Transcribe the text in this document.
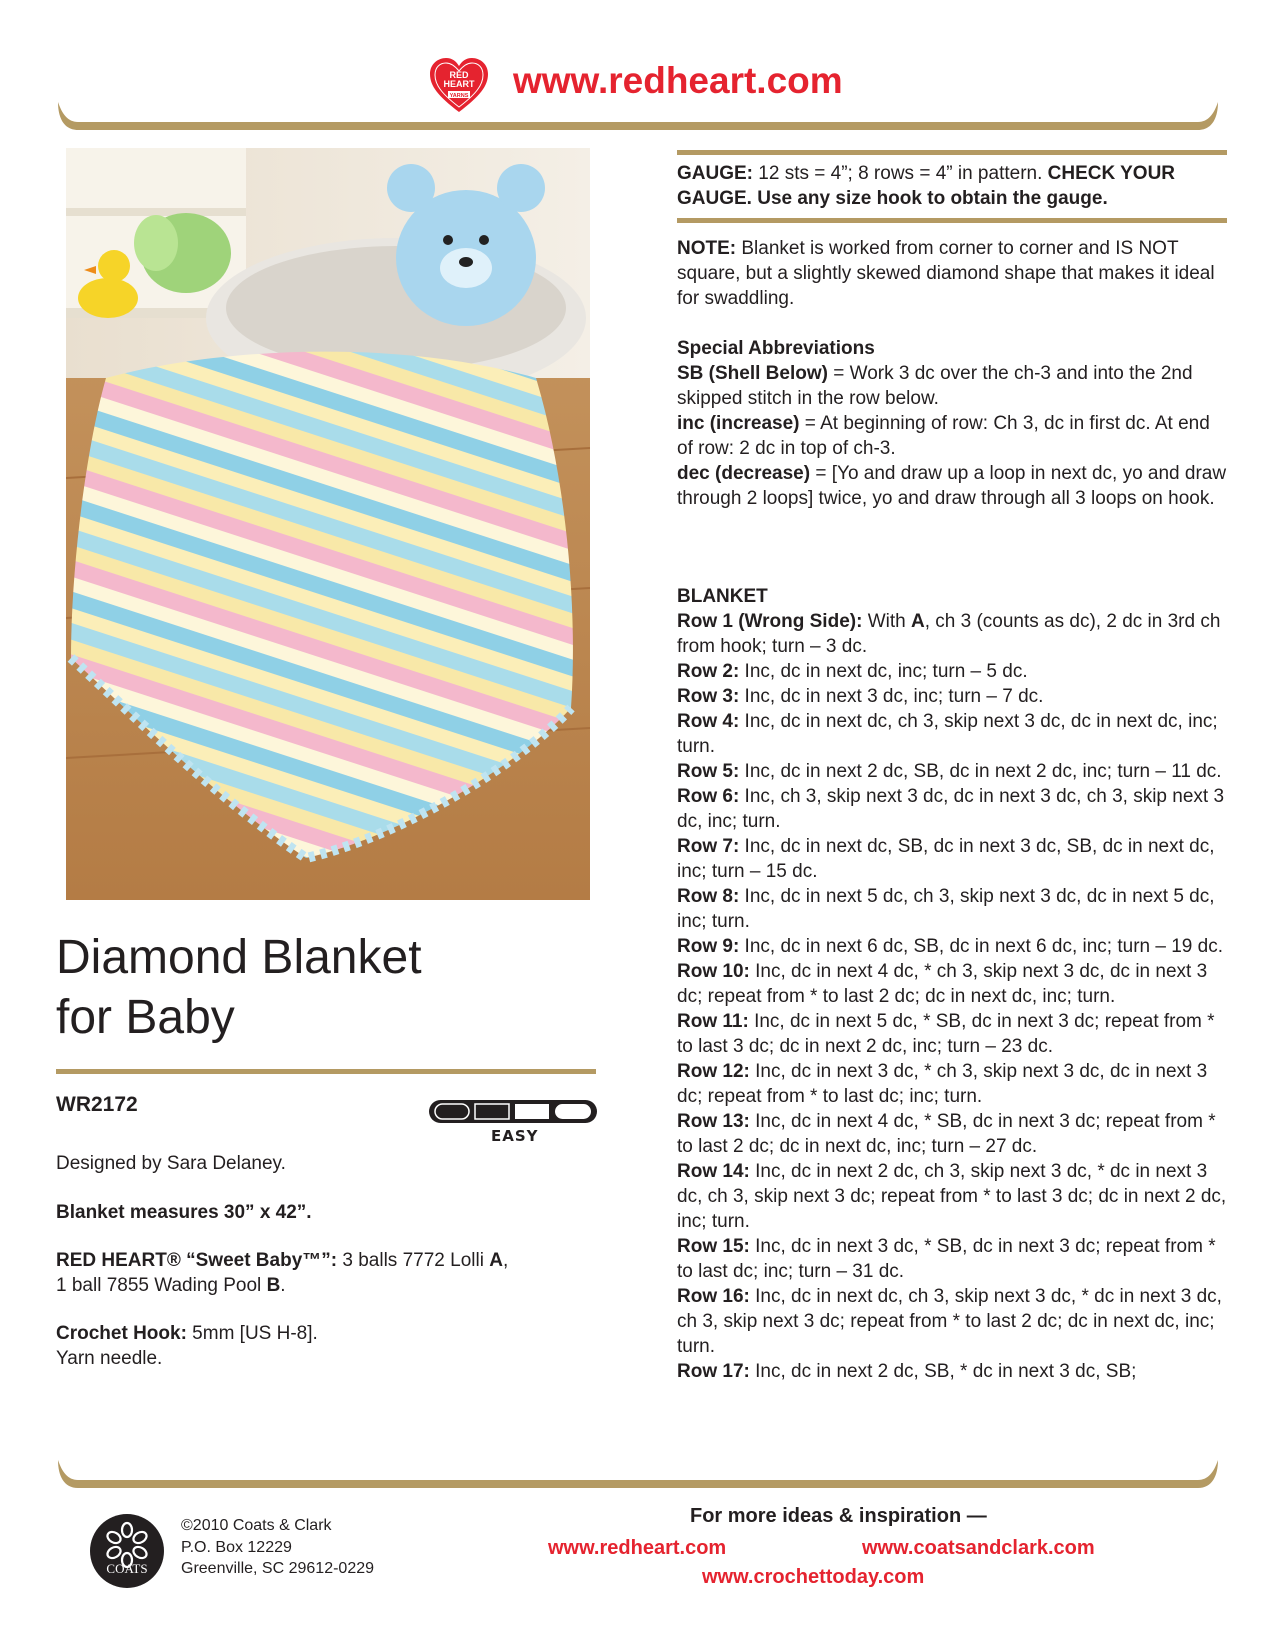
RED
HEART
YARNS www.redheart.com
Diamond Blanket
for Baby
WR2172
EASY
Designed by Sara Delaney.
Blanket measures 30” x 42”.
RED HEART® “Sweet Baby™”: 3 balls 7772 Lolli A,
1 ball 7855 Wading Pool B.
Crochet Hook: 5mm [US H-8].
Yarn needle.
GAUGE: 12 sts = 4”; 8 rows = 4” in pattern. CHECK YOUR GAUGE. Use any size hook to obtain the gauge.
NOTE: Blanket is worked from corner to corner and IS NOT square, but a slightly skewed diamond shape that makes it ideal for swaddling.
Special Abbreviations
SB (Shell Below) = Work 3 dc over the ch-3 and into the 2nd skipped stitch in the row below.
inc (increase) = At beginning of row: Ch 3, dc in first dc. At end of row: 2 dc in top of ch-3.
dec (decrease) = [Yo and draw up a loop in next dc, yo and draw through 2 loops] twice, yo and draw through all 3 loops on hook.
BLANKET
Row 1 (Wrong Side): With A, ch 3 (counts as dc), 2 dc in 3rd ch from hook; turn – 3 dc.
Row 2: Inc, dc in next dc, inc; turn – 5 dc.
Row 3: Inc, dc in next 3 dc, inc; turn – 7 dc.
Row 4: Inc, dc in next dc, ch 3, skip next 3 dc, dc in next dc, inc; turn.
Row 5: Inc, dc in next 2 dc, SB, dc in next 2 dc, inc; turn – 11 dc.
Row 6: Inc, ch 3, skip next 3 dc, dc in next 3 dc, ch 3, skip next 3 dc, inc; turn.
Row 7: Inc, dc in next dc, SB, dc in next 3 dc, SB, dc in next dc, inc; turn – 15 dc.
Row 8: Inc, dc in next 5 dc, ch 3, skip next 3 dc, dc in next 5 dc, inc; turn.
Row 9: Inc, dc in next 6 dc, SB, dc in next 6 dc, inc; turn – 19 dc.
Row 10: Inc, dc in next 4 dc, * ch 3, skip next 3 dc, dc in next 3 dc; repeat from * to last 2 dc; dc in next dc, inc; turn.
Row 11: Inc, dc in next 5 dc, * SB, dc in next 3 dc; repeat from * to last 3 dc; dc in next 2 dc, inc; turn – 23 dc.
Row 12: Inc, dc in next 3 dc, * ch 3, skip next 3 dc, dc in next 3 dc; repeat from * to last dc; inc; turn.
Row 13: Inc, dc in next 4 dc, * SB, dc in next 3 dc; repeat from * to last 2 dc; dc in next dc, inc; turn – 27 dc.
Row 14: Inc, dc in next 2 dc, ch 3, skip next 3 dc, * dc in next 3 dc, ch 3, skip next 3 dc; repeat from * to last 3 dc; dc in next 2 dc, inc; turn.
Row 15: Inc, dc in next 3 dc, * SB, dc in next 3 dc; repeat from * to last dc; inc; turn – 31 dc.
Row 16: Inc, dc in next dc, ch 3, skip next 3 dc, * dc in next 3 dc, ch 3, skip next 3 dc; repeat from * to last 2 dc; dc in next dc, inc; turn.
Row 17: Inc, dc in next 2 dc, SB, * dc in next 3 dc, SB;
COATS
©2010 Coats & Clark
P.O. Box 12229
Greenville, SC 29612-0229
For more ideas & inspiration —
www.redheart.com	www.coatsandclark.com
www.crochettoday.com
